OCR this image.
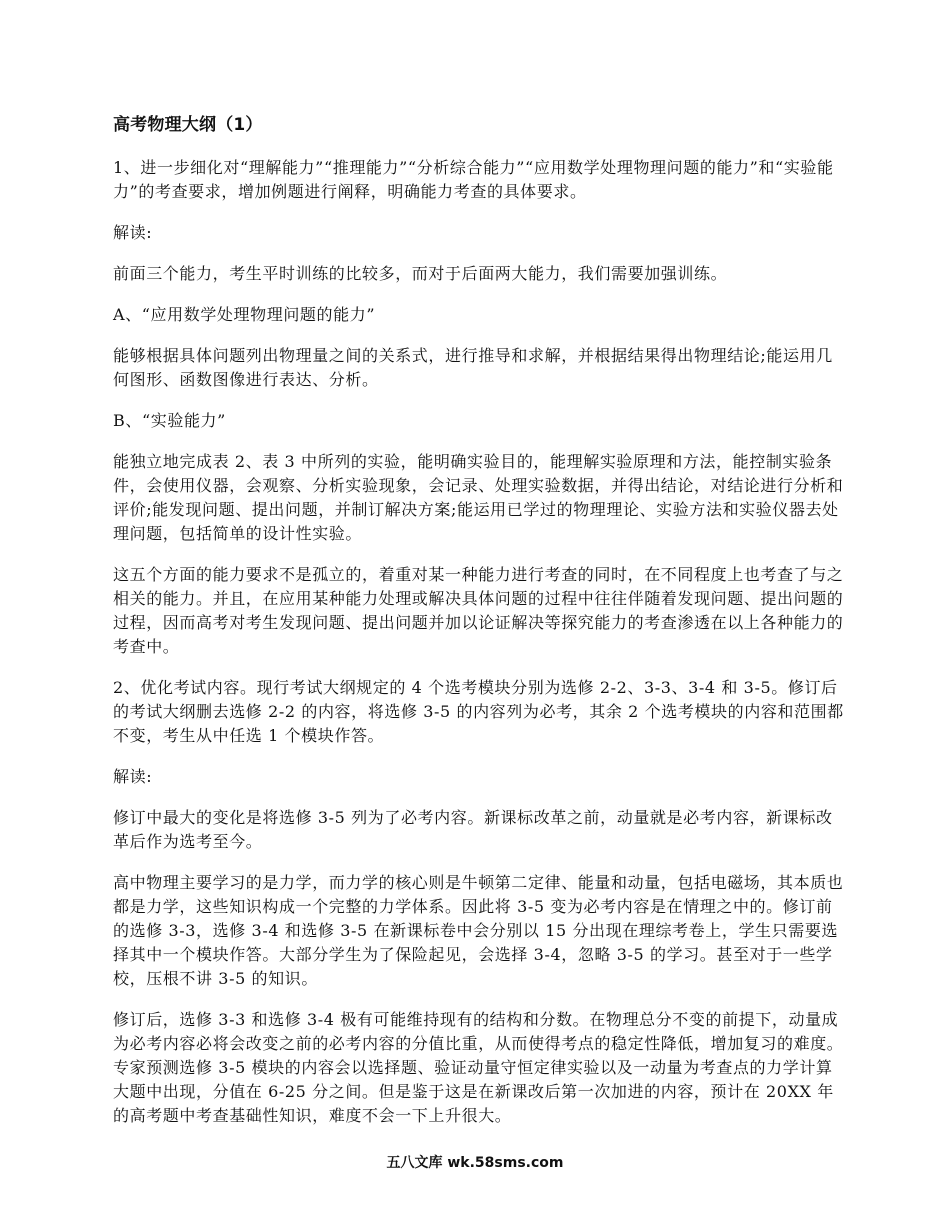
高考物理大纲（1）

1、进一步细化对“理解能力”“推理能力”“分析综合能力”“应用数学处理物理问题的能力”和“实验能力”的考查要求，增加例题进行阐释，明确能力考查的具体要求。

解读:

前面三个能力，考生平时训练的比较多，而对于后面两大能力，我们需要加强训练。

A、“应用数学处理物理问题的能力”

能够根据具体问题列出物理量之间的关系式，进行推导和求解，并根据结果得出物理结论;能运用几何图形、函数图像进行表达、分析。

B、“实验能力”

能独立地完成表 2、表 3 中所列的实验，能明确实验目的，能理解实验原理和方法，能控制实验条件，会使用仪器，会观察、分析实验现象，会记录、处理实验数据，并得出结论，对结论进行分析和评价;能发现问题、提出问题，并制订解决方案;能运用已学过的物理理论、实验方法和实验仪器去处理问题，包括简单的设计性实验。

这五个方面的能力要求不是孤立的，着重对某一种能力进行考查的同时，在不同程度上也考查了与之相关的能力。并且，在应用某种能力处理或解决具体问题的过程中往往伴随着发现问题、提出问题的过程，因而高考对考生发现问题、提出问题并加以论证解决等探究能力的考查渗透在以上各种能力的考查中。

2、优化考试内容。现行考试大纲规定的 4 个选考模块分别为选修 2-2、3-3、3-4 和 3-5。修订后的考试大纲删去选修 2-2 的内容，将选修 3-5 的内容列为必考，其余 2 个选考模块的内容和范围都不变，考生从中任选 1 个模块作答。

解读:

修订中最大的变化是将选修 3-5 列为了必考内容。新课标改革之前，动量就是必考内容，新课标改革后作为选考至今。

高中物理主要学习的是力学，而力学的核心则是牛顿第二定律、能量和动量，包括电磁场，其本质也都是力学，这些知识构成一个完整的力学体系。因此将 3-5 变为必考内容是在情理之中的。修订前的选修 3-3，选修 3-4 和选修 3-5 在新课标卷中会分别以 15 分出现在理综考卷上，学生只需要选择其中一个模块作答。大部分学生为了保险起见，会选择 3-4，忽略 3-5 的学习。甚至对于一些学校，压根不讲 3-5 的知识。

修订后，选修 3-3 和选修 3-4 极有可能维持现有的结构和分数。在物理总分不变的前提下，动量成为必考内容必将会改变之前的必考内容的分值比重，从而使得考点的稳定性降低，增加复习的难度。专家预测选修 3-5 模块的内容会以选择题、验证动量守恒定律实验以及一动量为考查点的力学计算大题中出现，分值在 6-25 分之间。但是鉴于这是在新课改后第一次加进的内容，预计在 20XX 年的高考题中考查基础性知识，难度不会一下上升很大。

五八文库 wk.58sms.com
